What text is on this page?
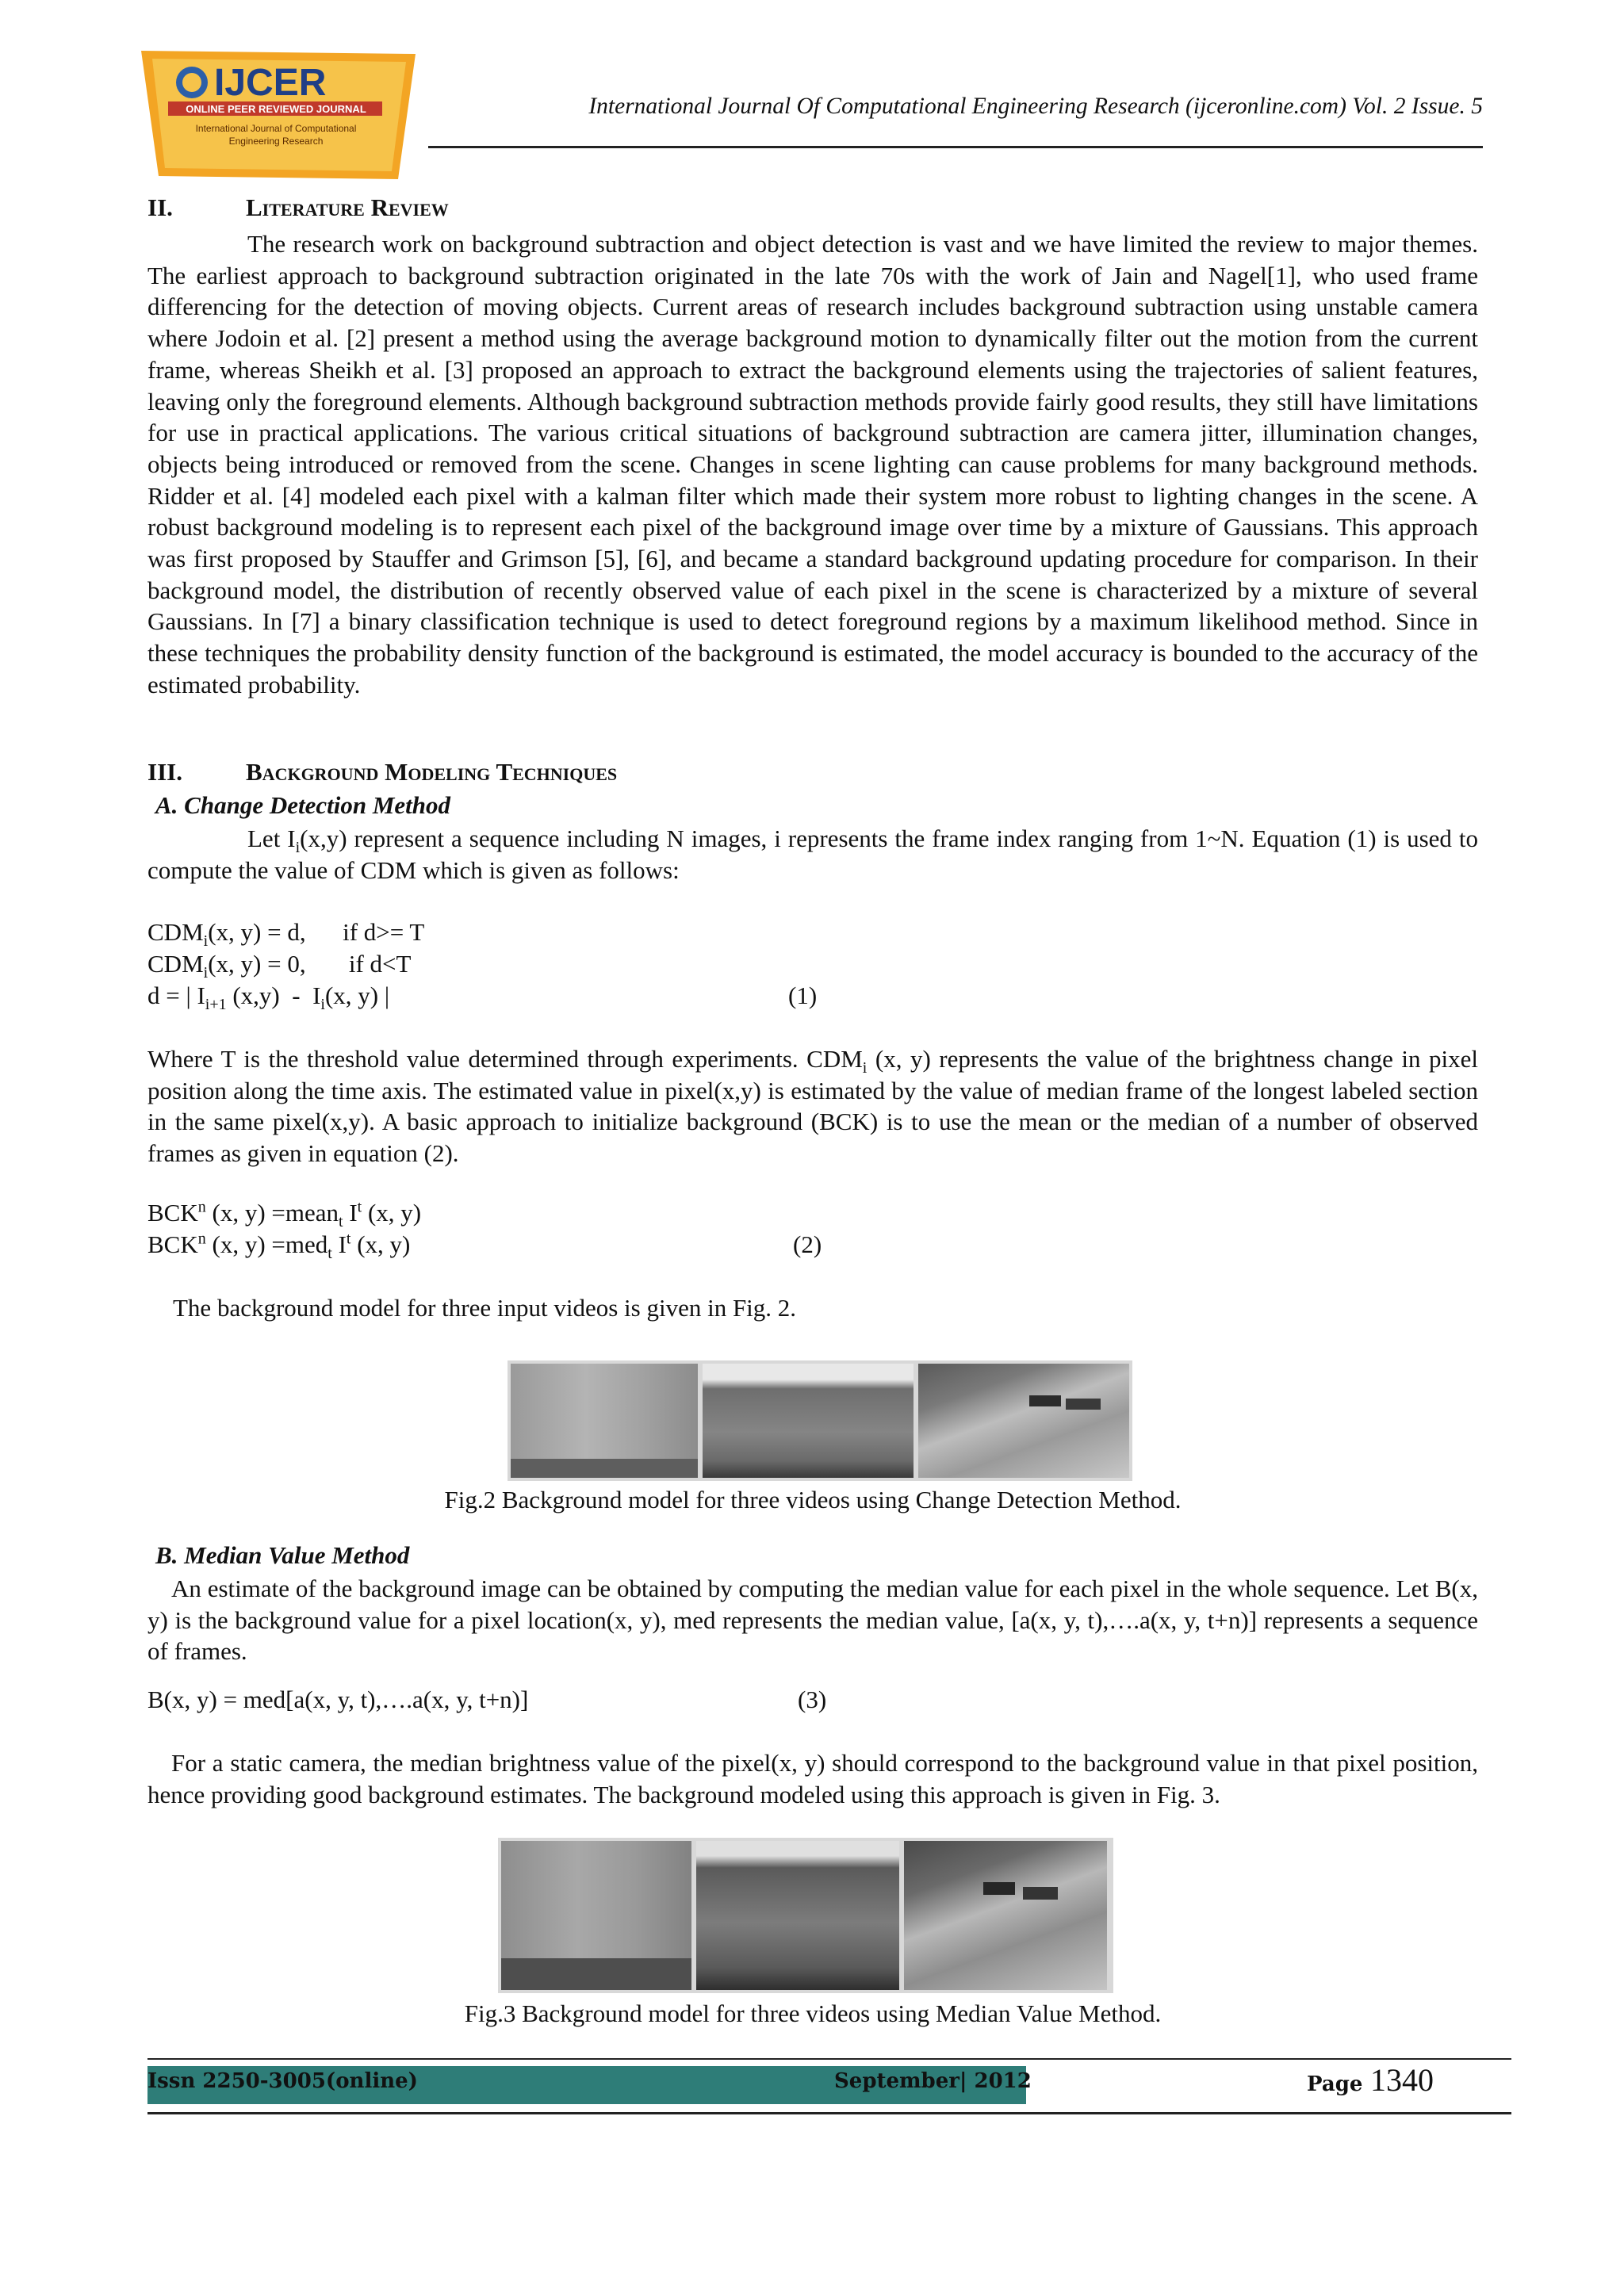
IJCER
ONLINE PEER REVIEWED JOURNAL
International Journal of Computational
Engineering Research
International Journal Of Computational Engineering Research (ijceronline.com) Vol. 2 Issue. 5
II.	Literature Review

The research work on background subtraction and object detection is vast and we have limited the review to major themes. The earliest approach to background subtraction originated in the late 70s with the work of Jain and Nagel[1], who used frame differencing for the detection of moving objects. Current areas of research includes background subtraction using unstable camera where Jodoin et al. [2] present a method using the average background motion to dynamically filter out the motion from the current frame, whereas Sheikh et al. [3] proposed an approach to extract the background elements using the trajectories of salient features, leaving only the foreground elements. Although background subtraction methods provide fairly good results, they still have limitations for use in practical applications. The various critical situations of background subtraction are camera jitter, illumination changes, objects being introduced or removed from the scene. Changes in scene lighting can cause problems for many background methods. Ridder et al. [4] modeled each pixel with a kalman filter which made their system more robust to lighting changes in the scene. A robust background modeling is to represent each pixel of the background image over time by a mixture of Gaussians. This approach was first proposed by Stauffer and Grimson [5], [6], and became a standard background updating procedure for comparison. In their background model, the distribution of recently observed value of each pixel in the scene is characterized by a mixture of several Gaussians. In [7] a binary classification technique is used to detect foreground regions by a maximum likelihood method. Since in these techniques the probability density function of the background is estimated, the model accuracy is bounded to the accuracy of the estimated probability.

III.	Background Modeling Techniques
A. Change Detection Method

Let $I_i(x,y)$ represent a sequence including N images, i represents the frame index ranging from 1~N. Equation (1) is used to compute the value of CDM which is given as follows:

$CDM_i(x$, y) = d,      if d>= T
$CDM_i(x$, y) = 0,       if d<T
d = | $I_{i+1}$ $(x,y) - I_i(x$, y) |	(1)

Where T is the threshold value determined through experiments. $CDM_i$ (x, y) represents the value of the brightness change in pixel position along the time axis. The estimated value in pixel(x,y) is estimated by the value of median frame of the longest labeled section in the same pixel(x,y). A basic approach to initialize background (BCK) is to use the mean or the median of a number of observed frames as given in equation (2).

BCK$^n$ (x, y) =mean$_t$ $I^t$ (x, y)
BCK$^n$ (x, y) =med$_t$ $I^t$ (x, y)	(2)
The background model for three input videos is given in Fig. 2.
Fig.2 Background model for three videos using Change Detection Method.
B. Median Value Method

An estimate of the background image can be obtained by computing the median value for each pixel in the whole sequence. Let B(x, y) is the background value for a pixel location(x, y), med represents the median value, [a(x, y, t),….a(x, y, t+n)] represents a sequence of frames.

B(x, y) = med[a(x, y, t),….a(x, y, t+n)]	(3)

For a static camera, the median brightness value of the pixel(x, y) should correspond to the background value in that pixel position, hence providing good background estimates. The background modeled using this approach is given in Fig. 3.

Fig.3 Background model for three videos using Median Value Method.
Issn 2250-3005(online)	September| 2012	Page 1340
